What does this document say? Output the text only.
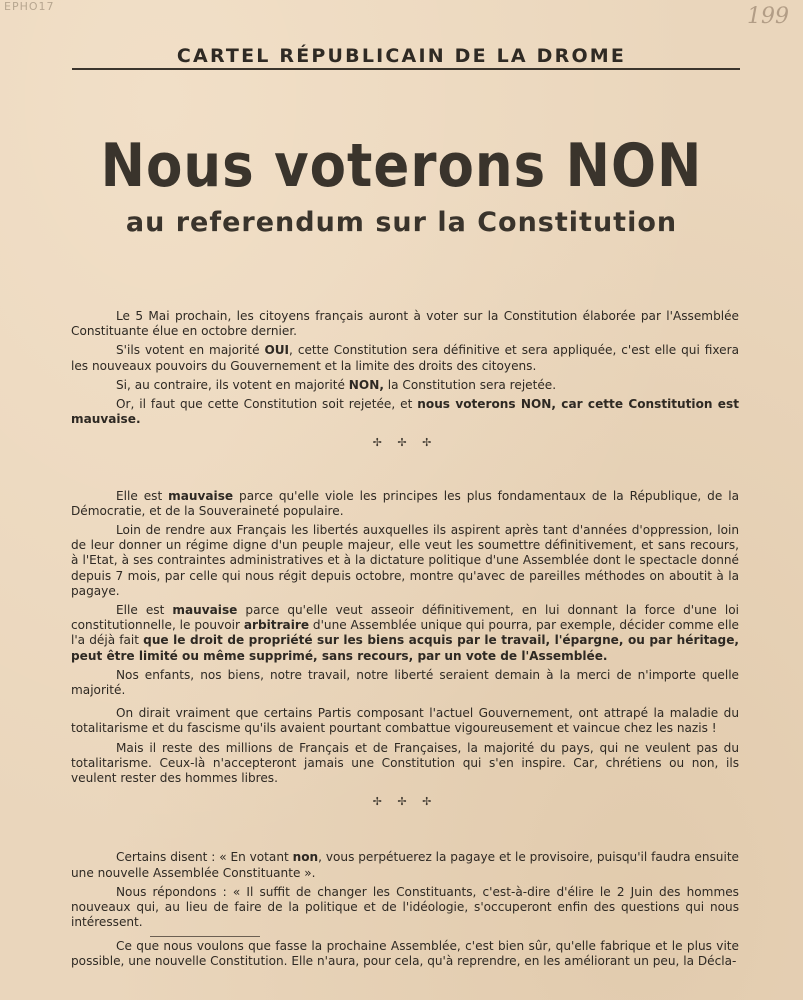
EPHO17	199
CARTEL RÉPUBLICAIN DE LA DROME
Nous voterons NON
au referendum sur la Constitution

Le 5 Mai prochain, les citoyens français auront à voter sur la Constitution élaborée par l'Assemblée Constituante élue en octobre dernier.

S'ils votent en majorité OUI, cette Constitution sera définitive et sera appliquée, c'est elle qui fixera les nouveaux pouvoirs du Gouvernement et la limite des droits des citoyens.

Si, au contraire, ils votent en majorité NON, la Constitution sera rejetée.

Or, il faut que cette Constitution soit rejetée, et nous voterons NON, car cette Constitution est mauvaise.

✢ ✢ ✢

Elle est mauvaise parce qu'elle viole les principes les plus fondamentaux de la République, de la Démocratie, et de la Souveraineté populaire.

Loin de rendre aux Français les libertés auxquelles ils aspirent après tant d'années d'oppression, loin de leur donner un régime digne d'un peuple majeur, elle veut les soumettre définitivement, et sans recours, à l'Etat, à ses contraintes administratives et à la dictature politique d'une Assemblée dont le spectacle donné depuis 7 mois, par celle qui nous régit depuis octobre, montre qu'avec de pareilles méthodes on aboutit à la pagaye.

Elle est mauvaise parce qu'elle veut asseoir définitivement, en lui donnant la force d'une loi constitutionnelle, le pouvoir arbitraire d'une Assemblée unique qui pourra, par exemple, décider comme elle l'a déjà fait que le droit de propriété sur les biens acquis par le travail, l'épargne, ou par héritage, peut être limité ou même supprimé, sans recours, par un vote de l'Assemblée.

Nos enfants, nos biens, notre travail, notre liberté seraient demain à la merci de n'importe quelle majorité.

On dirait vraiment que certains Partis composant l'actuel Gouvernement, ont attrapé la maladie du totalitarisme et du fascisme qu'ils avaient pourtant combattue vigoureusement et vaincue chez les nazis !

Mais il reste des millions de Français et de Françaises, la majorité du pays, qui ne veulent pas du totalitarisme. Ceux-là n'accepteront jamais une Constitution qui s'en inspire. Car, chrétiens ou non, ils veulent rester des hommes libres.

✢ ✢ ✢

Certains disent : « En votant non, vous perpétuerez la pagaye et le provisoire, puisqu'il faudra ensuite une nouvelle Assemblée Constituante ».

Nous répondons : « Il suffit de changer les Constituants, c'est-à-dire d'élire le 2 Juin des hommes nouveaux qui, au lieu de faire de la politique et de l'idéologie, s'occuperont enfin des questions qui nous intéressent.

Ce que nous voulons que fasse la prochaine Assemblée, c'est bien sûr, qu'elle fabrique et le plus vite possible, une nouvelle Constitution. Elle n'aura, pour cela, qu'à reprendre, en les améliorant un peu, la Décla-
